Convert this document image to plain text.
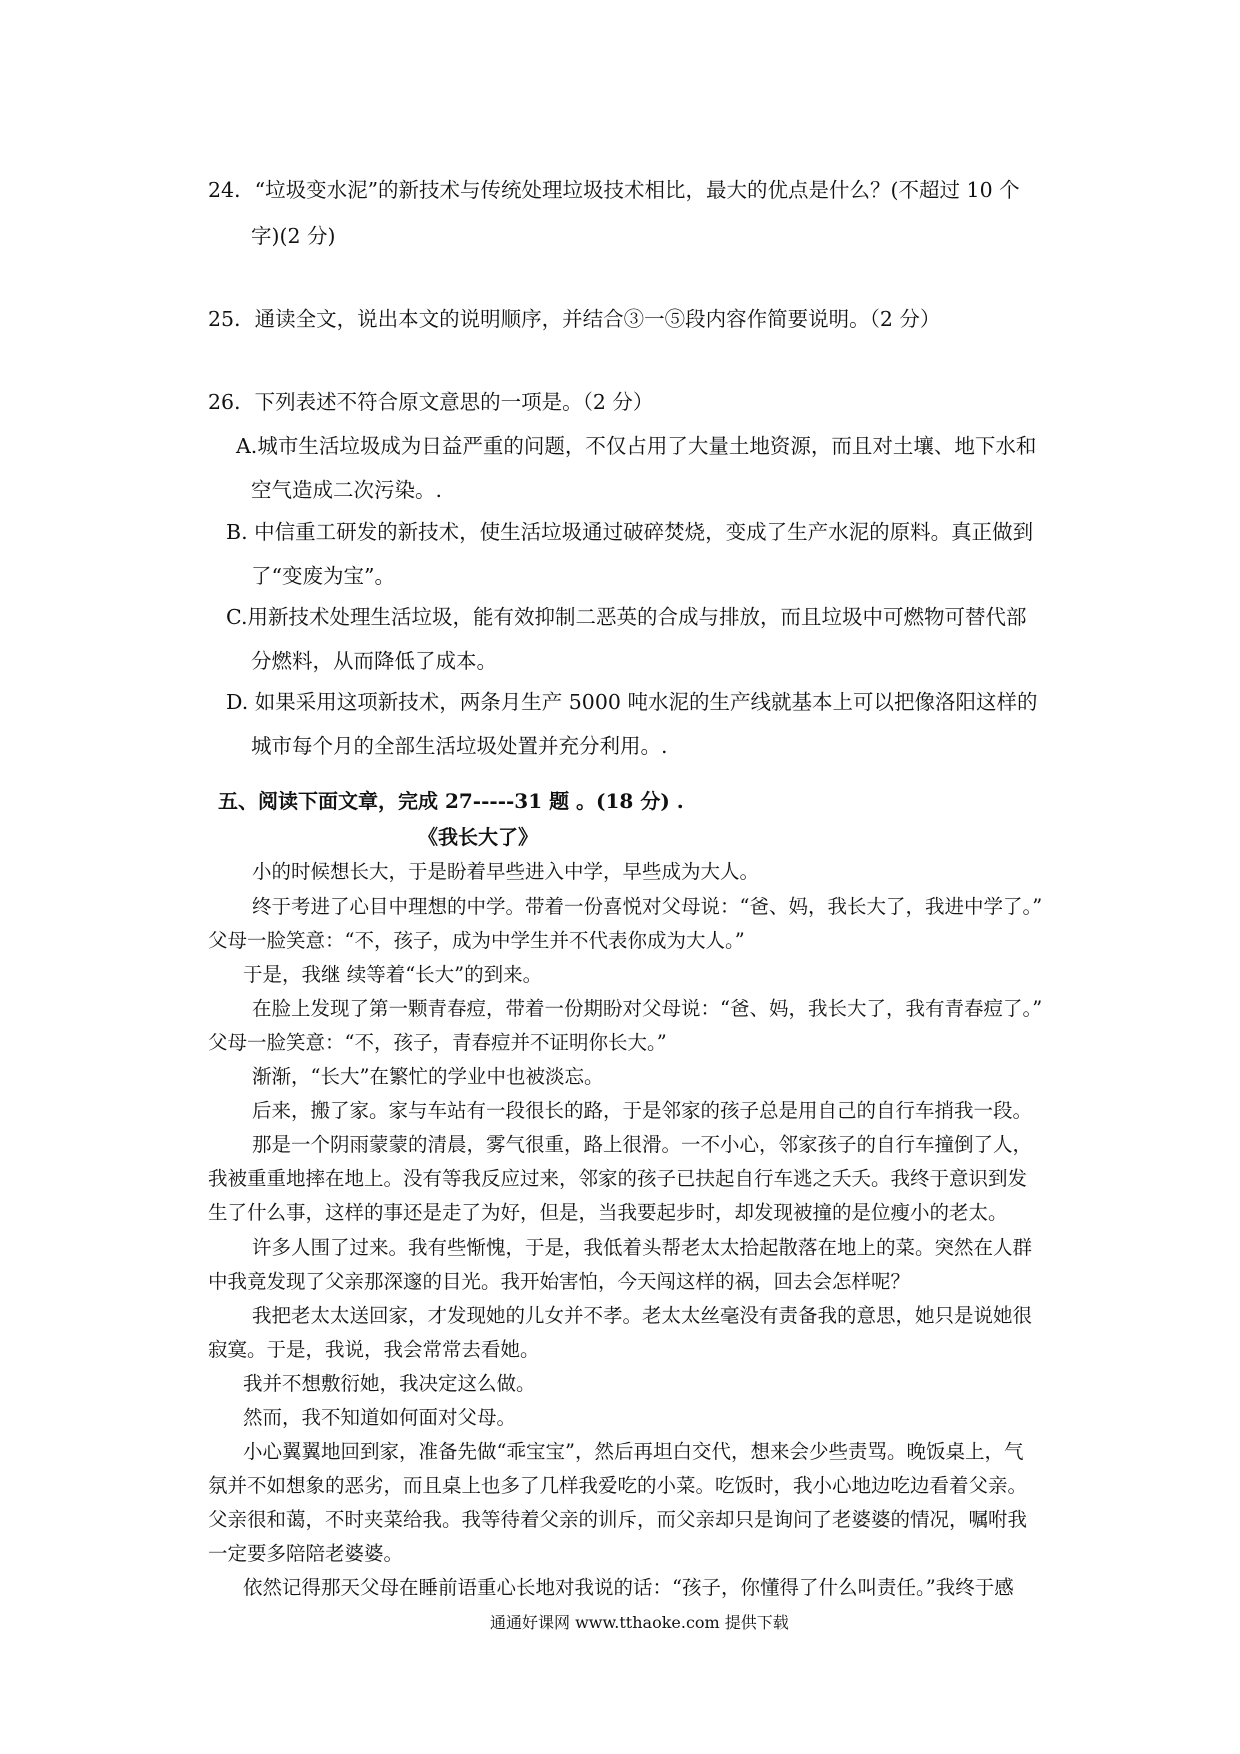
24．“垃圾变水泥”的新技术与传统处理垃圾技术相比，最大的优点是什么？(不超过 10 个
字)(2 分)
25．通读全文，说出本文的说明顺序，并结合③一⑤段内容作简要说明。（2 分）
26．下列表述不符合原文意思的一项是。（2 分）
A.城市生活垃圾成为日益严重的问题，不仅占用了大量土地资源，而且对土壤、地下水和
空气造成二次污染。.
B. 中信重工研发的新技术，使生活垃圾通过破碎焚烧，变成了生产水泥的原料。真正做到
了“变废为宝”。
C.用新技术处理生活垃圾，能有效抑制二恶英的合成与排放，而且垃圾中可燃物可替代部
分燃料，从而降低了成本。
D. 如果采用这项新技术，两条月生产 5000 吨水泥的生产线就基本上可以把像洛阳这样的
城市每个月的全部生活垃圾处置并充分利用。.
五、阅读下面文章，完成 27-----31 题 。(18 分) .
《我长大了》
小的时候想长大，于是盼着早些进入中学，早些成为大人。
终于考进了心目中理想的中学。带着一份喜悦对父母说：“爸、妈，我长大了，我进中学了。”
父母一脸笑意：“不，孩子，成为中学生并不代表你成为大人。”
于是，我继 续等着“长大”的到来。
在脸上发现了第一颗青春痘，带着一份期盼对父母说：“爸、妈，我长大了，我有青春痘了。”
父母一脸笑意：“不，孩子，青春痘并不证明你长大。”
渐渐，“长大”在繁忙的学业中也被淡忘。
后来，搬了家。家与车站有一段很长的路，于是邻家的孩子总是用自己的自行车捎我一段。
那是一个阴雨蒙蒙的清晨，雾气很重，路上很滑。一不小心，邻家孩子的自行车撞倒了人，
我被重重地摔在地上。没有等我反应过来，邻家的孩子已扶起自行车逃之夭夭。我终于意识到发
生了什么事，这样的事还是走了为好，但是，当我要起步时，却发现被撞的是位瘦小的老太。
许多人围了过来。我有些惭愧，于是，我低着头帮老太太拾起散落在地上的菜。突然在人群
中我竟发现了父亲那深邃的目光。我开始害怕，今天闯这样的祸，回去会怎样呢？
我把老太太送回家，才发现她的儿女并不孝。老太太丝毫没有责备我的意思，她只是说她很
寂寞。于是，我说，我会常常去看她。
我并不想敷衍她，我决定这么做。
然而，我不知道如何面对父母。
小心翼翼地回到家，准备先做“乖宝宝”，然后再坦白交代，想来会少些责骂。晚饭桌上，气
氛并不如想象的恶劣，而且桌上也多了几样我爱吃的小菜。吃饭时，我小心地边吃边看着父亲。
父亲很和蔼，不时夹菜给我。我等待着父亲的训斥，而父亲却只是询问了老婆婆的情况，嘱咐我
一定要多陪陪老婆婆。
依然记得那天父母在睡前语重心长地对我说的话：“孩子，你懂得了什么叫责任。”我终于感
通通好课网 www.tthaoke.com 提供下载
